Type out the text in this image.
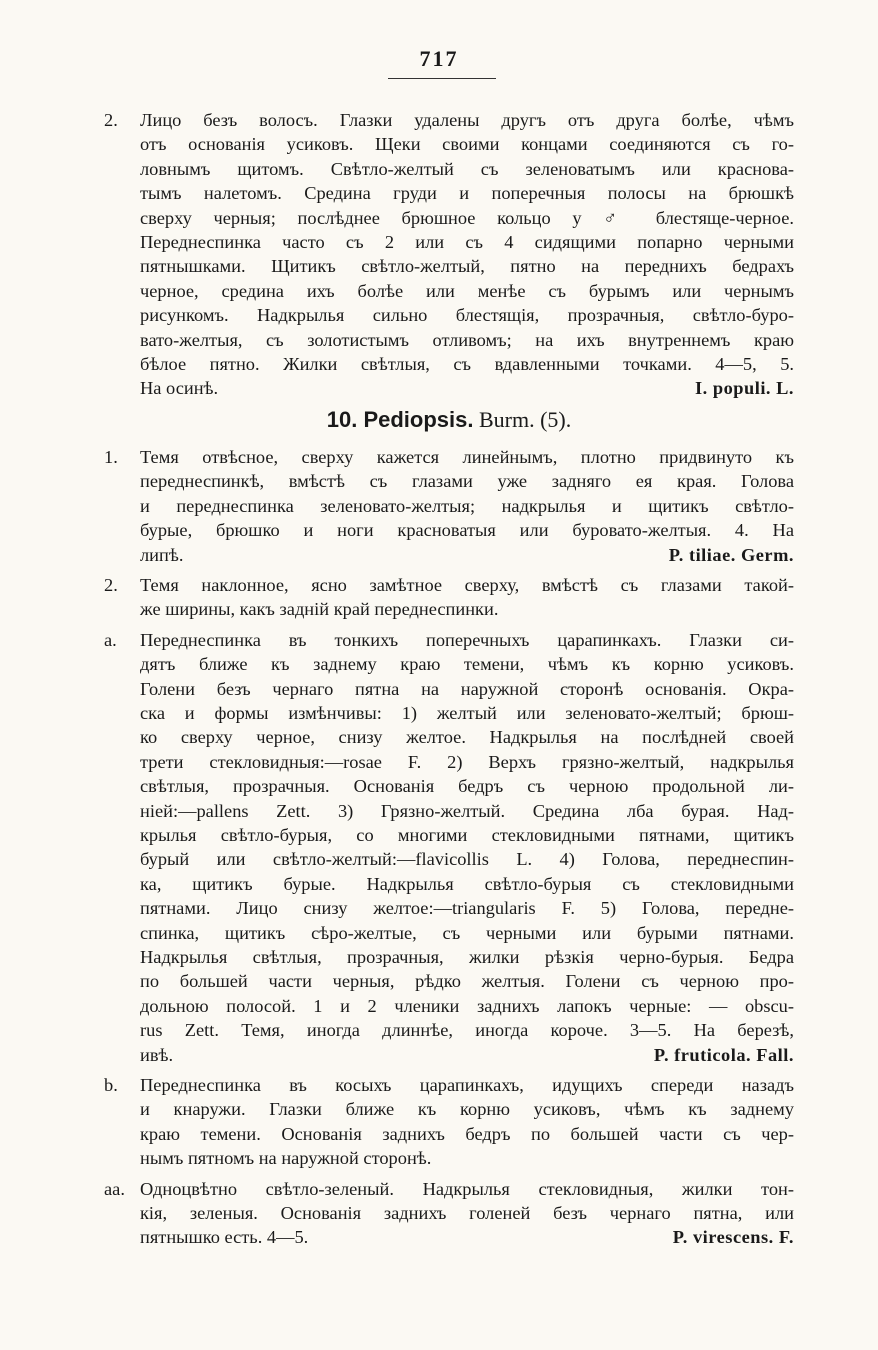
717
2. Лицо безъ волосъ. Глазки удалены другъ отъ друга болѣе, чѣмъ
отъ основанія усиковъ. Щеки своими концами соединяются съ го-
ловнымъ щитомъ. Свѣтло-желтый съ зеленоватымъ или краснова-
тымъ налетомъ. Средина груди и поперечныя полосы на брюшкѣ
сверху черныя; послѣднее брюшное кольцо у ♂ блестяще-черное.
Переднеспинка часто съ 2 или съ 4 сидящими попарно черными
пятнышками. Щитикъ свѣтло-желтый, пятно на переднихъ бедрахъ
черное, средина ихъ болѣе или менѣе съ бурымъ или чернымъ
рисункомъ. Надкрылья сильно блестящія, прозрачныя, свѣтло-буро-
вато-желтыя, съ золотистымъ отливомъ; на ихъ внутреннемъ краю
бѣлое пятно. Жилки свѣтлыя, съ вдавленными точками. 4—5, 5.
На осинѣ.	I. populi. L.
10. Pediopsis. Burm. (5).
1. Темя отвѣсное, сверху кажется линейнымъ, плотно придвинуто къ
переднеспинкѣ, вмѣстѣ съ глазами уже задняго ея края. Голова
и переднеспинка зеленовато-желтыя; надкрылья и щитикъ свѣтло-
бурые, брюшко и ноги красноватыя или буровато-желтыя. 4. На
липѣ.	P. tiliae. Germ.
2. Темя наклонное, ясно замѣтное сверху, вмѣстѣ съ глазами такой-
же ширины, какъ задній край переднеспинки.
a. Переднеспинка въ тонкихъ поперечныхъ царапинкахъ. Глазки си-
дятъ ближе къ заднему краю темени, чѣмъ къ корню усиковъ.
Голени безъ чернаго пятна на наружной сторонѣ основанія. Окра-
ска и формы измѣнчивы: 1) желтый или зеленовато-желтый; брюш-
ко сверху черное, снизу желтое. Надкрылья на послѣдней своей
трети стекловидныя:—rosae F. 2) Верхъ грязно-желтый, надкрылья
свѣтлыя, прозрачныя. Основанія бедръ съ черною продольной ли-
ніей:—pallens Zett. 3) Грязно-желтый. Средина лба бурая. Над-
крылья свѣтло-бурыя, со многими стекловидными пятнами, щитикъ
бурый или свѣтло-желтый:—flavicollis L. 4) Голова, переднеспин-
ка, щитикъ бурые. Надкрылья свѣтло-бурыя съ стекловидными
пятнами. Лицо снизу желтое:—triangularis F. 5) Голова, передне-
спинка, щитикъ сѣро-желтые, съ черными или бурыми пятнами.
Надкрылья свѣтлыя, прозрачныя, жилки рѣзкія черно-бурыя. Бедра
по большей части черныя, рѣдко желтыя. Голени съ черною про-
дольною полосой. 1 и 2 членики заднихъ лапокъ черные: — obscu-
rus Zett. Темя, иногда длиннѣе, иногда короче. 3—5. На березѣ,
ивѣ.	P. fruticola. Fall.
b. Переднеспинка въ косыхъ царапинкахъ, идущихъ спереди назадъ
и кнаружи. Глазки ближе къ корню усиковъ, чѣмъ къ заднему
краю темени. Основанія заднихъ бедръ по большей части съ чер-
нымъ пятномъ на наружной сторонѣ.
aa. Одноцвѣтно свѣтло-зеленый. Надкрылья стекловидныя, жилки тон-
кія, зеленыя. Основанія заднихъ голеней безъ чернаго пятна, или
пятнышко есть. 4—5.	P. virescens. F.
